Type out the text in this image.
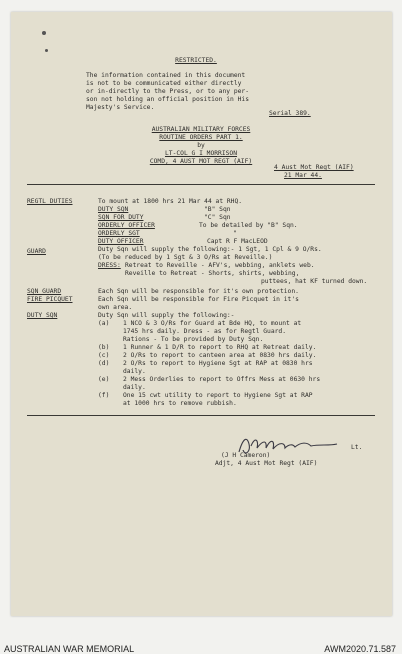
RESTRICTED.
The information contained in this document
is not to be communicated either directly
or in-directly to the Press, or to any per-
son not holding an official position in His
Majesty's Service.
Serial 389.
AUSTRALIAN MILITARY FORCES
ROUTINE ORDERS PART 1.
by
LT-COL G I MORRISON
COMD, 4 AUST MOT REGT (AIF)
4 Aust Mot Regt (AIF)
21 Mar 44.
REGTL DUTIES	To mount at 1800 hrs 21 Mar 44 at RHQ.
DUTY SQN	"B" Sqn
SQN FOR DUTY	"C" Sqn
ORDERLY OFFICER	To be detailed by "B" Sqn.
ORDERLY SGT	"
DUTY OFFICER	Capt R F MacLEOD
GUARD	Duty Sqn will supply the following:- 1 Sgt, 1 Cpl & 9 O/Rs.
(To be reduced by 1 Sgt & 3 O/Rs at Reveille.)
DRESS: Retreat to Reveille - AFV's, webbing, anklets web.
Reveille to Retreat - Shorts, shirts, webbing,
puttees, hat KF turned down.
SQN GUARD	Each Sqn will be responsible for it's own protection.
FIRE PICQUET	Each Sqn will be responsible for Fire Picquet in it's
own area.
DUTY SQN	Duty Sqn will supply the following:-
(a) 1 NCO & 3 O/Rs for Guard at Bde HQ, to mount at
1745 hrs daily. Dress - as for Regtl Guard.
Rations - To be provided by Duty Sqn.
(b) 1 Runner & 1 D/R to report to RHQ at Retreat daily.
(c) 2 O/Rs to report to canteen area at 0830 hrs daily.
(d) 2 O/Rs to report to Hygiene Sgt at RAP at 0830 hrs
daily.
(e) 2 Mess Orderlies to report to Offrs Mess at 0630 hrs
daily.
(f) One 15 cwt utility to report to Hygiene Sgt at RAP
at 1000 hrs to remove rubbish.
Lt.
(J H Cameron)
Adjt, 4 Aust Mot Regt (AIF)
AUSTRALIAN WAR MEMORIAL	AWM2020.71.587
